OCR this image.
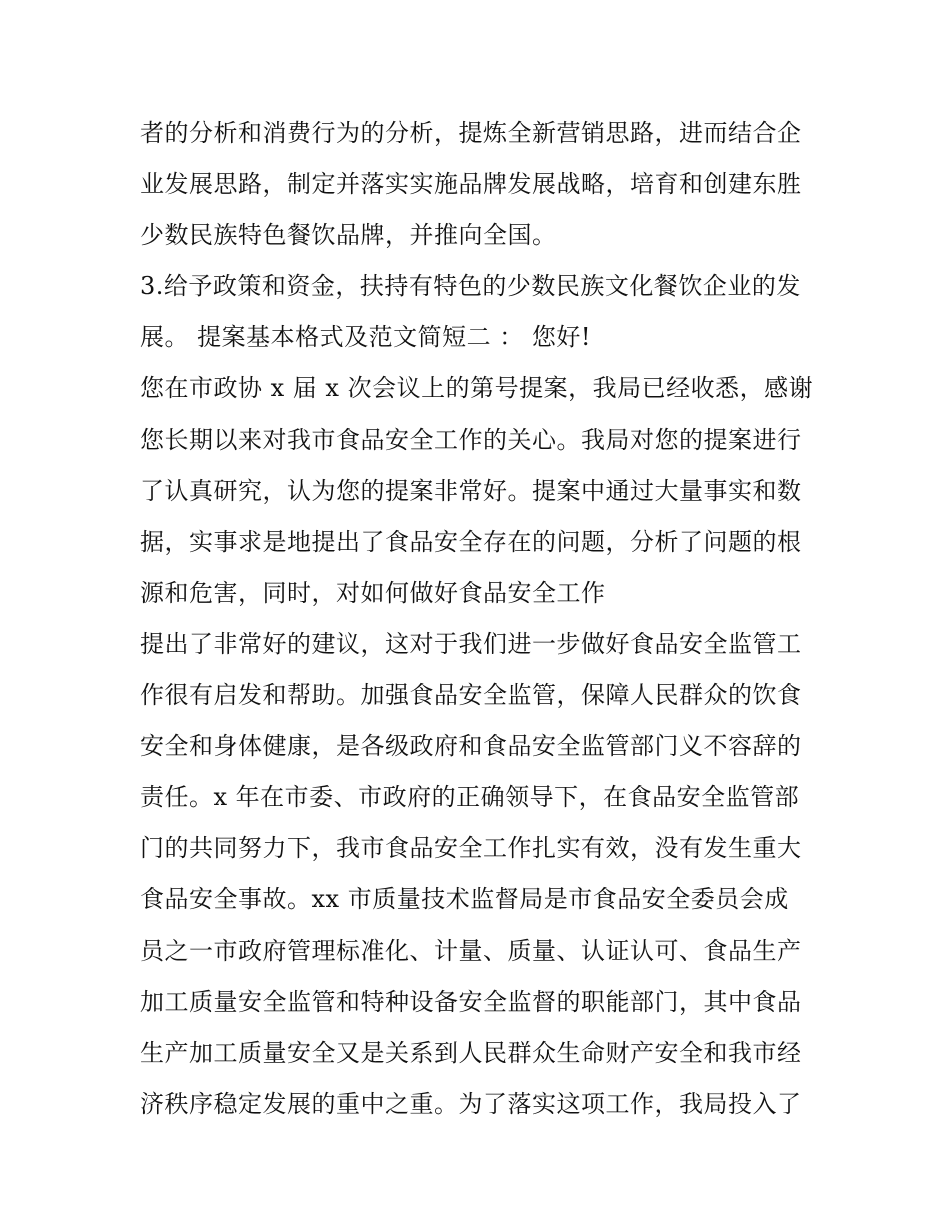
者的分析和消费行为的分析，提炼全新营销思路，进而结合企
业发展思路，制定并落实实施品牌发展战略，培育和创建东胜
少数民族特色餐饮品牌，并推向全国。
3.给予政策和资金，扶持有特色的少数民族文化餐饮企业的发
展。 提案基本格式及范文简短二 ： 您好!
您在市政协 x 届 x 次会议上的第号提案，我局已经收悉，感谢
您长期以来对我市食品安全工作的关心。我局对您的提案进行
了认真研究，认为您的提案非常好。提案中通过大量事实和数
据，实事求是地提出了食品安全存在的问题，分析了问题的根
源和危害，同时，对如何做好食品安全工作
提出了非常好的建议，这对于我们进一步做好食品安全监管工
作很有启发和帮助。加强食品安全监管，保障人民群众的饮食
安全和身体健康，是各级政府和食品安全监管部门义不容辞的
责任。x 年在市委、市政府的正确领导下，在食品安全监管部
门的共同努力下，我市食品安全工作扎实有效，没有发生重大
食品安全事故。xx 市质量技术监督局是市食品安全委员会成
员之一市政府管理标准化、计量、质量、认证认可、食品生产
加工质量安全监管和特种设备安全监督的职能部门，其中食品
生产加工质量安全又是关系到人民群众生命财产安全和我市经
济秩序稳定发展的重中之重。为了落实这项工作，我局投入了
